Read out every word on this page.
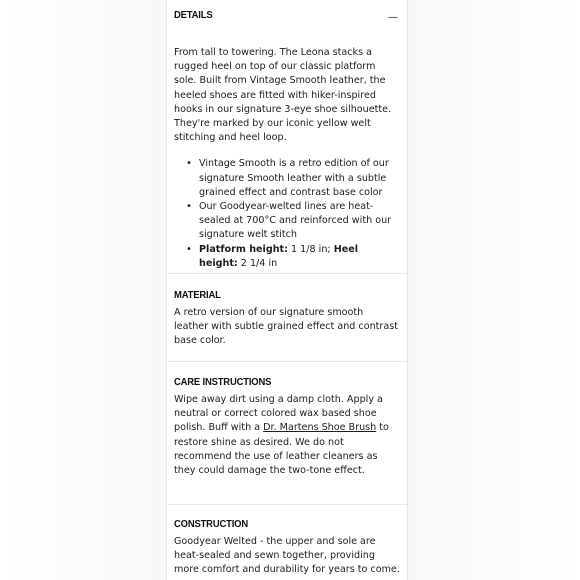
DETAILS	—

From tall to towering. The Leona stacks a rugged heel on top of our classic platform sole. Built from Vintage Smooth leather, the heeled shoes are fitted with hiker-inspired hooks in our signature 3-eye shoe silhouette. They're marked by our iconic yellow welt stitching and heel loop.

• Vintage Smooth is a retro edition of our signature Smooth leather with a subtle grained effect and contrast base color
• Our Goodyear-welted lines are heat-sealed at 700°C and reinforced with our signature welt stitch
• Platform height: 1 1/8 in; Heel height: 2 1/4 in
MATERIAL

A retro version of our signature smooth leather with subtle grained effect and contrast base color.

CARE INSTRUCTIONS

Wipe away dirt using a damp cloth. Apply a neutral or correct colored wax based shoe polish. Buff with a Dr. Martens Shoe Brush to restore shine as desired. We do not recommend the use of leather cleaners as they could damage the two-tone effect.

CONSTRUCTION

Goodyear Welted - the upper and sole are heat-sealed and sewn together, providing more comfort and durability for years to come.
